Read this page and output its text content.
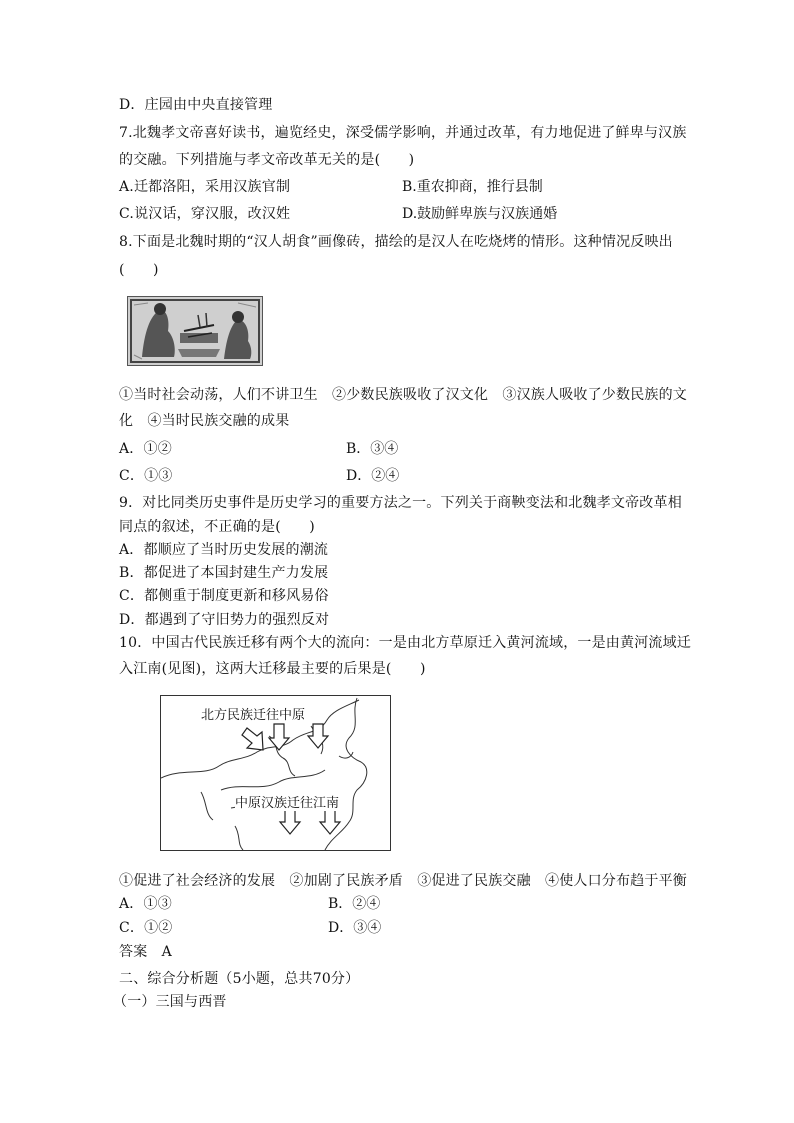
D．庄园由中央直接管理
7.北魏孝文帝喜好读书，遍览经史，深受儒学影响，并通过改革，有力地促进了鲜卑与汉族
的交融。下列措施与孝文帝改革无关的是(　　)
A.迁都洛阳，采用汉族官制	B.重农抑商，推行县制
C.说汉话，穿汉服，改汉姓	D.鼓励鲜卑族与汉族通婚
8.下面是北魏时期的“汉人胡食”画像砖，描绘的是汉人在吃烧烤的情形。这种情况反映出
(　　)
①当时社会动荡，人们不讲卫生　②少数民族吸收了汉文化　③汉族人吸收了少数民族的文
化　④当时民族交融的成果
A．①②	B．③④
C．①③	D．②④
9．对比同类历史事件是历史学习的重要方法之一。下列关于商鞅变法和北魏孝文帝改革相
同点的叙述，不正确的是(　　)
A．都顺应了当时历史发展的潮流
B．都促进了本国封建生产力发展
C．都侧重于制度更新和移风易俗
D．都遇到了守旧势力的强烈反对
10．中国古代民族迁移有两个大的流向：一是由北方草原迁入黄河流域，一是由黄河流域迁
入江南(见图)，这两大迁移最主要的后果是(　　)
北方民族迁往中原
中原汉族迁往江南
①促进了社会经济的发展　②加剧了民族矛盾　③促进了民族交融　④使人口分布趋于平衡
A．①③	B．②④
C．①②	D．③④
答案　A
二、综合分析题（5小题，总共70分）
（一）三国与西晋
